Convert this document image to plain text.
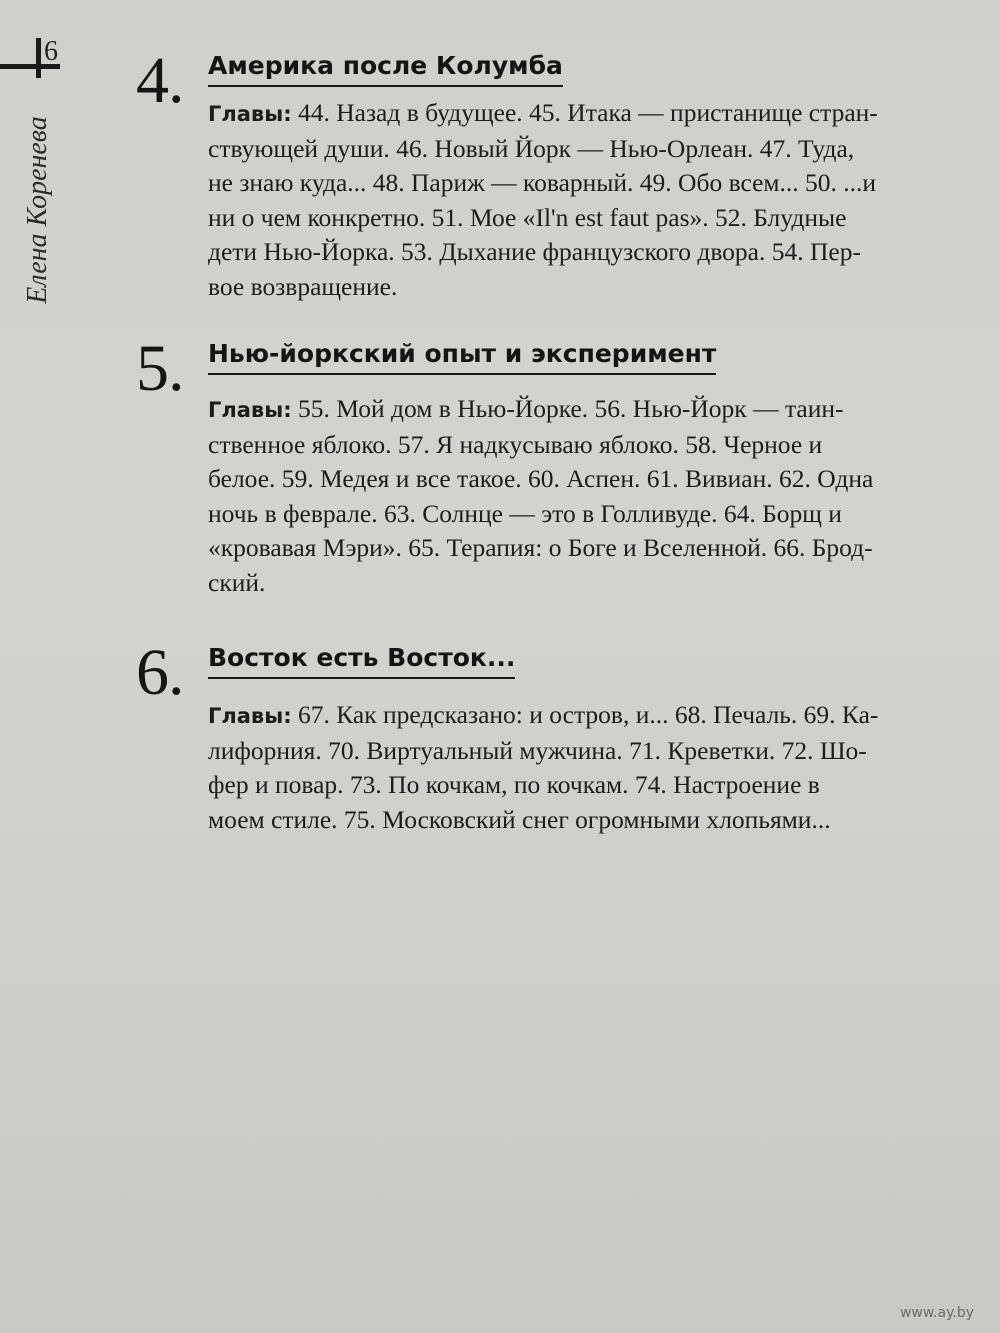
6
Елена Коренева
4. Америка после Колумба

Главы: 44. Назад в будущее. 45. Итака — пристанище стран-
ствующей души. 46. Новый Йорк — Нью-Орлеан. 47. Туда,
не знаю куда... 48. Париж — коварный. 49. Обо всем... 50. ...и
ни о чем конкретно. 51. Мое «Il'n est faut pas». 52. Блудные
дети Нью-Йорка. 53. Дыхание французского двора. 54. Пер-
вое возвращение.

5. Нью-йоркский опыт и эксперимент

Главы: 55. Мой дом в Нью-Йорке. 56. Нью-Йорк — таин-
ственное яблоко. 57. Я надкусываю яблоко. 58. Черное и
белое. 59. Медея и все такое. 60. Аспен. 61. Вивиан. 62. Одна
ночь в феврале. 63. Солнце — это в Голливуде. 64. Борщ и
«кровавая Мэри». 65. Терапия: о Боге и Вселенной. 66. Брод-
ский.

6. Восток есть Восток...

Главы: 67. Как предсказано: и остров, и... 68. Печаль. 69. Ка-
лифорния. 70. Виртуальный мужчина. 71. Креветки. 72. Шо-
фер и повар. 73. По кочкам, по кочкам. 74. Настроение в
моем стиле. 75. Московский снег огромными хлопьями...

www.ay.by
